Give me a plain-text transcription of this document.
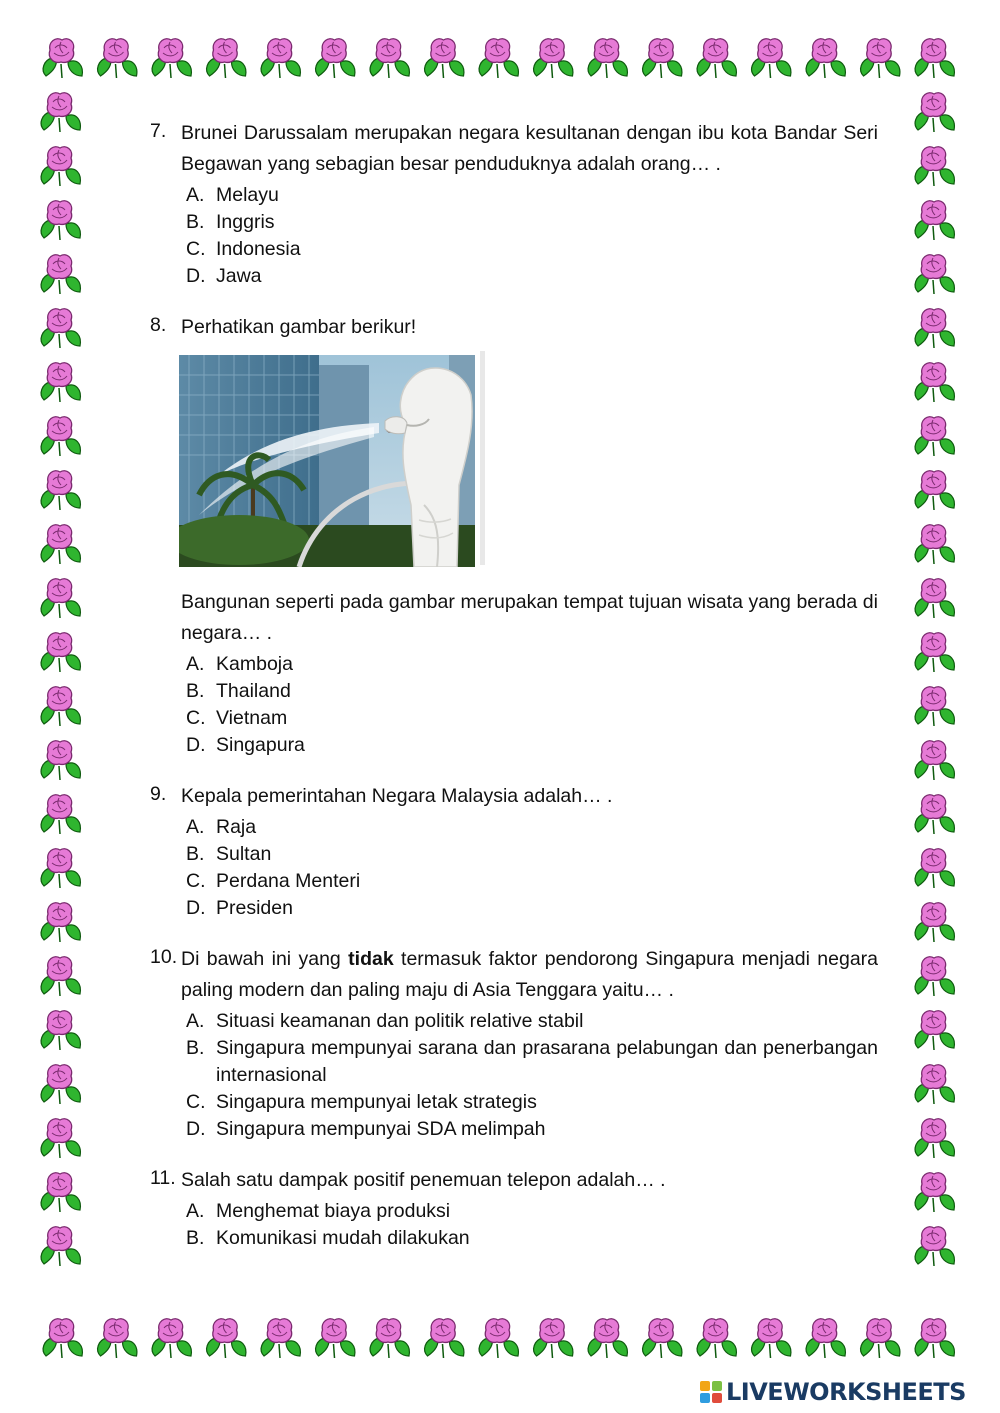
7. Brunei Darussalam merupakan negara kesultanan dengan ibu kota Bandar Seri Begawan yang sebagian besar penduduknya adalah orang… .
A. Melayu
B. Inggris
C. Indonesia
D. Jawa
8. Perhatikan gambar berikur!
Bangunan seperti pada gambar merupakan tempat tujuan wisata yang berada di negara… .
A. Kamboja
B. Thailand
C. Vietnam
D. Singapura
9. Kepala pemerintahan Negara Malaysia adalah… .
A. Raja
B. Sultan
C. Perdana Menteri
D. Presiden
10. Di bawah ini yang tidak termasuk faktor pendorong Singapura menjadi negara paling modern dan paling maju di Asia Tenggara yaitu… .
A. Situasi keamanan dan politik relative stabil
B. Singapura mempunyai sarana dan prasarana pelabungan dan penerbangan internasional
C. Singapura mempunyai letak strategis
D. Singapura mempunyai SDA melimpah
11. Salah satu dampak positif penemuan telepon adalah… .
A. Menghemat biaya produksi
B. Komunikasi mudah dilakukan
LIVEWORKSHEETS
